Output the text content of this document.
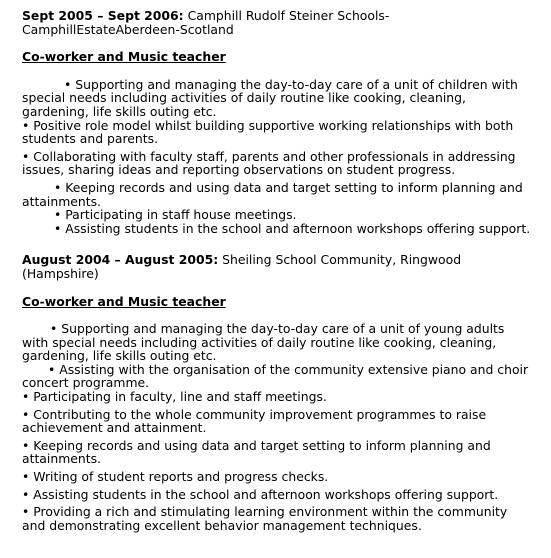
Sept 2005 – Sept 2006: Camphill Rudolf Steiner Schools- CamphillEstateAberdeen-Scotland

Co-worker and Music teacher

• Supporting and managing the day-to-day care of a unit of children with special needs including activities of daily routine like cooking, cleaning, gardening, life skills outing etc.

• Positive role model whilst building supportive working relationships with both students and parents.

• Collaborating with faculty staff, parents and other professionals in addressing issues, sharing ideas and reporting observations on student progress.

• Keeping records and using data and target setting to inform planning and attainments.

• Participating in staff house meetings.

• Assisting students in the school and afternoon workshops offering support.

August 2004 – August 2005: Sheiling School Community, Ringwood (Hampshire)

Co-worker and Music teacher

• Supporting and managing the day-to-day care of a unit of young adults with special needs including activities of daily routine like cooking, cleaning, gardening, life skills outing etc.

• Assisting with the organisation of the community extensive piano and choir concert programme.

• Participating in faculty, line and staff meetings.

• Contributing to the whole community improvement programmes to raise achievement and attainment.

• Keeping records and using data and target setting to inform planning and attainments.

• Writing of student reports and progress checks.

• Assisting students in the school and afternoon workshops offering support.

• Providing a rich and stimulating learning environment within the community and demonstrating excellent behavior management techniques.
